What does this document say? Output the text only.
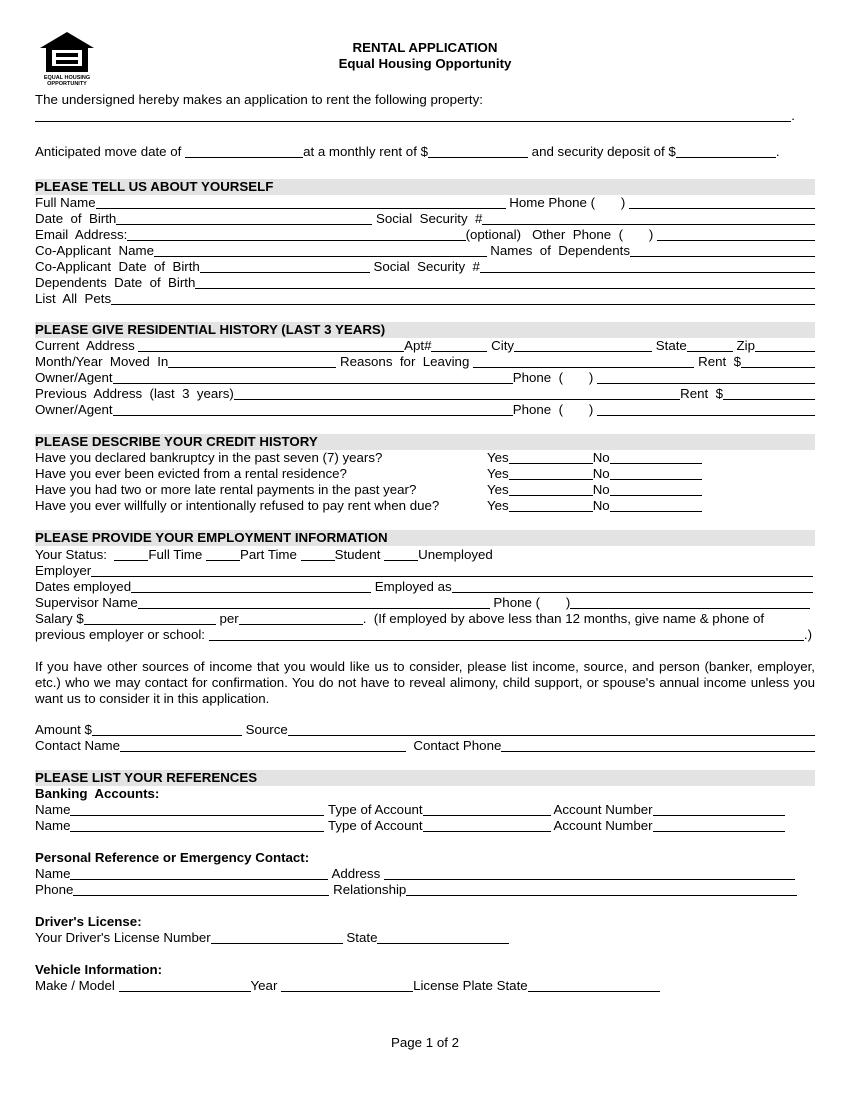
EQUAL HOUSING
OPPORTUNITY
RENTAL APPLICATION
Equal Housing Opportunity
The undersigned hereby makes an application to rent the following property:
.
Anticipated move date of	at a monthly rent of $	and security deposit of $	.
PLEASE TELL US ABOUT YOURSELF
Full Name	Home Phone (       )
Date  of  Birth	Social  Security  #
Email  Address:	(optional)   Other  Phone  (       )
Co-Applicant  Name	Names  of  Dependents
Co-Applicant  Date  of  Birth	Social  Security  #
Dependents  Date  of  Birth
List  All  Pets
PLEASE GIVE RESIDENTIAL HISTORY (LAST 3 YEARS)
Current  Address	Apt#	City	State	Zip
Month/Year  Moved  In	Reasons  for  Leaving	Rent  $
Owner/Agent	Phone  (       )
Previous  Address  (last  3  years)	Rent  $
Owner/Agent	Phone  (       )
PLEASE DESCRIBE YOUR CREDIT HISTORY
Have you declared bankruptcy in the past seven (7) years?	Yes	No
Have you ever been evicted from a rental residence?	Yes	No
Have you had two or more late rental payments in the past year?	Yes	No
Have you ever willfully or intentionally refused to pay rent when due?	Yes	No
PLEASE PROVIDE YOUR EMPLOYMENT INFORMATION
Your Status:	Full Time	Part Time	Student	Unemployed
Employer
Dates employed	Employed as
Supervisor Name	Phone (       )
Salary $	per	.  (If employed by above less than 12 months, give name & phone of
previous employer or school:	.)
If you have other sources of income that you would like us to consider, please list income, source, and person (banker, employer, etc.) who we may contact for confirmation. You do not have to reveal alimony, child support, or spouse's annual income unless you want us to consider it in this application.
Amount $	Source
Contact Name	Contact Phone
PLEASE LIST YOUR REFERENCES
Banking  Accounts:
Name	Type of Account	Account Number
Name	Type of Account	Account Number
Personal Reference or Emergency Contact:
Name	Address
Phone	Relationship
Driver's License:
Your Driver's License Number	State
Vehicle Information:
Make / Model	Year	License Plate State
Page 1 of 2
